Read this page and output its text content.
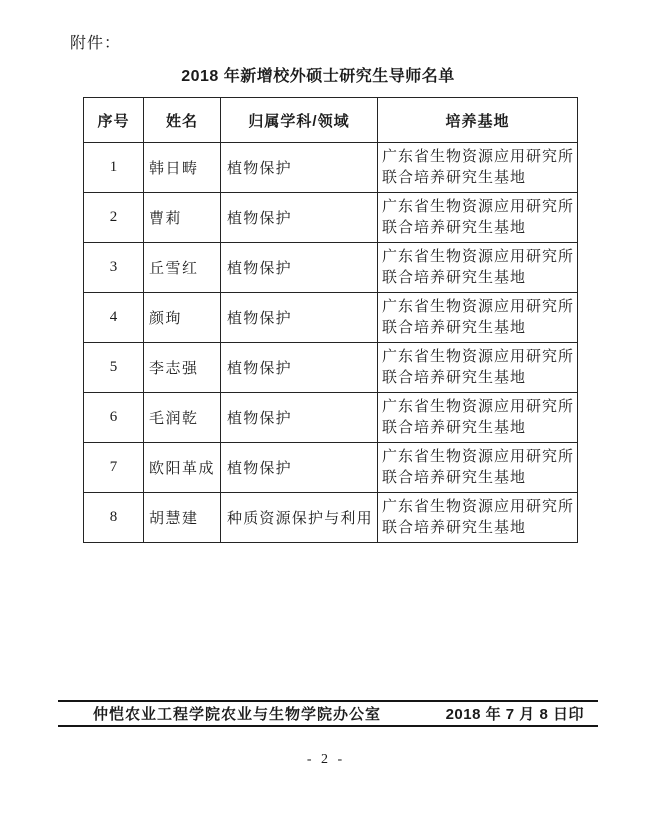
附件：
2018 年新增校外硕士研究生导师名单
序号	姓名	归属学科/领域	培养基地
1	韩日畴	植物保护	广东省生物资源应用研究所联合培养研究生基地
2	曹莉	植物保护	广东省生物资源应用研究所联合培养研究生基地
3	丘雪红	植物保护	广东省生物资源应用研究所联合培养研究生基地
4	颜珣	植物保护	广东省生物资源应用研究所联合培养研究生基地
5	李志强	植物保护	广东省生物资源应用研究所联合培养研究生基地
6	毛润乾	植物保护	广东省生物资源应用研究所联合培养研究生基地
7	欧阳革成	植物保护	广东省生物资源应用研究所联合培养研究生基地
8	胡慧建	种质资源保护与利用	广东省生物资源应用研究所联合培养研究生基地
仲恺农业工程学院农业与生物学院办公室	2018 年 7 月 8 日印
- 2 -
